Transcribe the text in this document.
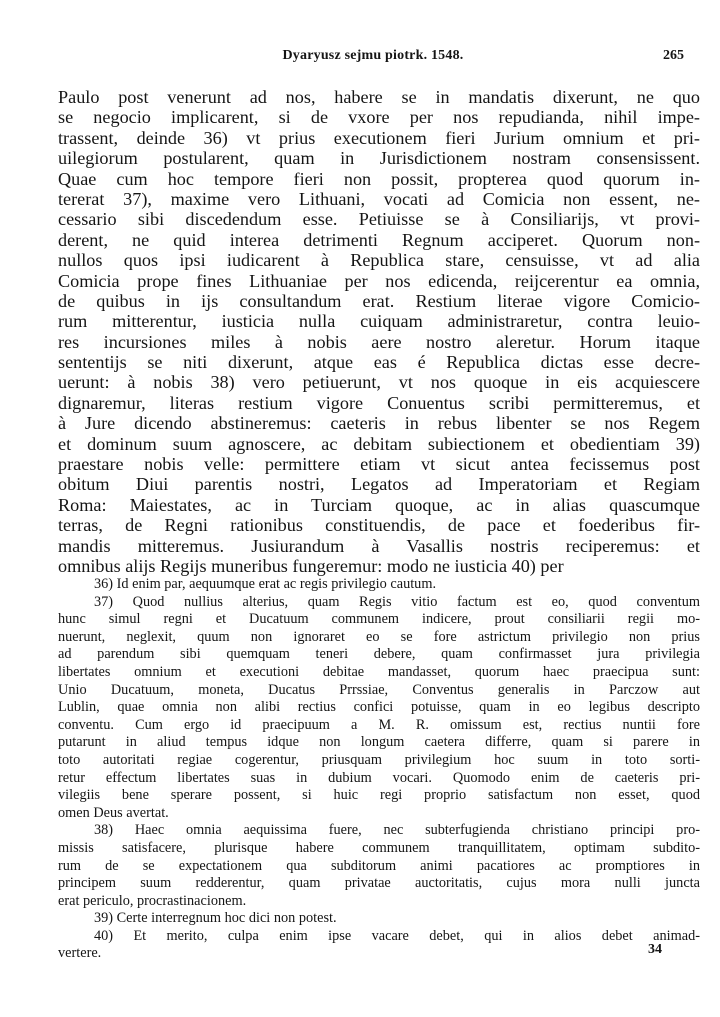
Dyaryusz sejmu piotrk. 1548.	265
Paulo post venerunt ad nos, habere se in mandatis dixerunt, ne quo
se negocio implicarent, si de vxore per nos repudianda, nihil impe-
trassent, deinde 36) vt prius executionem fieri Jurium omnium et pri-
uilegiorum postularent, quam in Jurisdictionem nostram consensissent.
Quae cum hoc tempore fieri non possit, propterea quod quorum in-
tererat 37), maxime vero Lithuani, vocati ad Comicia non essent, ne-
cessario sibi discedendum esse. Petiuisse se à Consiliarijs, vt provi-
derent, ne quid interea detrimenti Regnum acciperet. Quorum non-
nullos quos ipsi iudicarent à Republica stare, censuisse, vt ad alia
Comicia prope fines Lithuaniae per nos edicenda, reijcerentur ea omnia,
de quibus in ijs consultandum erat. Restium literae vigore Comicio-
rum mitterentur, iusticia nulla cuiquam administraretur, contra leuio-
res incursiones miles à nobis aere nostro aleretur. Horum itaque
sententijs se niti dixerunt, atque eas é Republica dictas esse decre-
uerunt: à nobis 38) vero petiuerunt, vt nos quoque in eis acquiescere
dignaremur, literas restium vigore Conuentus scribi permitteremus, et
à Jure dicendo abstineremus: caeteris in rebus libenter se nos Regem
et dominum suum agnoscere, ac debitam subiectionem et obedientiam 39)
praestare nobis velle: permittere etiam vt sicut antea fecissemus post
obitum Diui parentis nostri, Legatos ad Imperatoriam et Regiam
Roma: Maiestates, ac in Turciam quoque, ac in alias quascumque
terras, de Regni rationibus constituendis, de pace et foederibus fir-
mandis mitteremus. Jusiurandum à Vasallis nostris reciperemus: et
omnibus alijs Regijs muneribus fungeremur: modo ne iusticia 40) per
36) Id enim par, aequumque erat ac regis privilegio cautum.
37) Quod nullius alterius, quam Regis vitio factum est eo, quod conventum
hunc simul regni et Ducatuum communem indicere, prout consiliarii regii mo-
nuerunt, neglexit, quum non ignoraret eo se fore astrictum privilegio non prius
ad parendum sibi quemquam teneri debere, quam confirmasset jura privilegia
libertates omnium et executioni debitae mandasset, quorum haec praecipua sunt:
Unio Ducatuum, moneta, Ducatus Prrssiae, Conventus generalis in Parczow aut
Lublin, quae omnia non alibi rectius confici potuisse, quam in eo legibus descripto
conventu. Cum ergo id praecipuum a M. R. omissum est, rectius nuntii fore
putarunt in aliud tempus idque non longum caetera differre, quam si parere in
toto autoritati regiae cogerentur, priusquam privilegium hoc suum in toto sorti-
retur effectum libertates suas in dubium vocari. Quomodo enim de caeteris pri-
vilegiis bene sperare possent, si huic regi proprio satisfactum non esset, quod
omen Deus avertat.
38) Haec omnia aequissima fuere, nec subterfugienda christiano principi pro-
missis satisfacere, plurisque habere communem tranquillitatem, optimam subdito-
rum de se expectationem qua subditorum animi pacatiores ac promptiores in
principem suum redderentur, quam privatae auctoritatis, cujus mora nulli juncta
erat periculo, procrastinacionem.
39) Certe interregnum hoc dici non potest.
40) Et merito, culpa enim ipse vacare debet, qui in alios debet animad-
vertere.	34
